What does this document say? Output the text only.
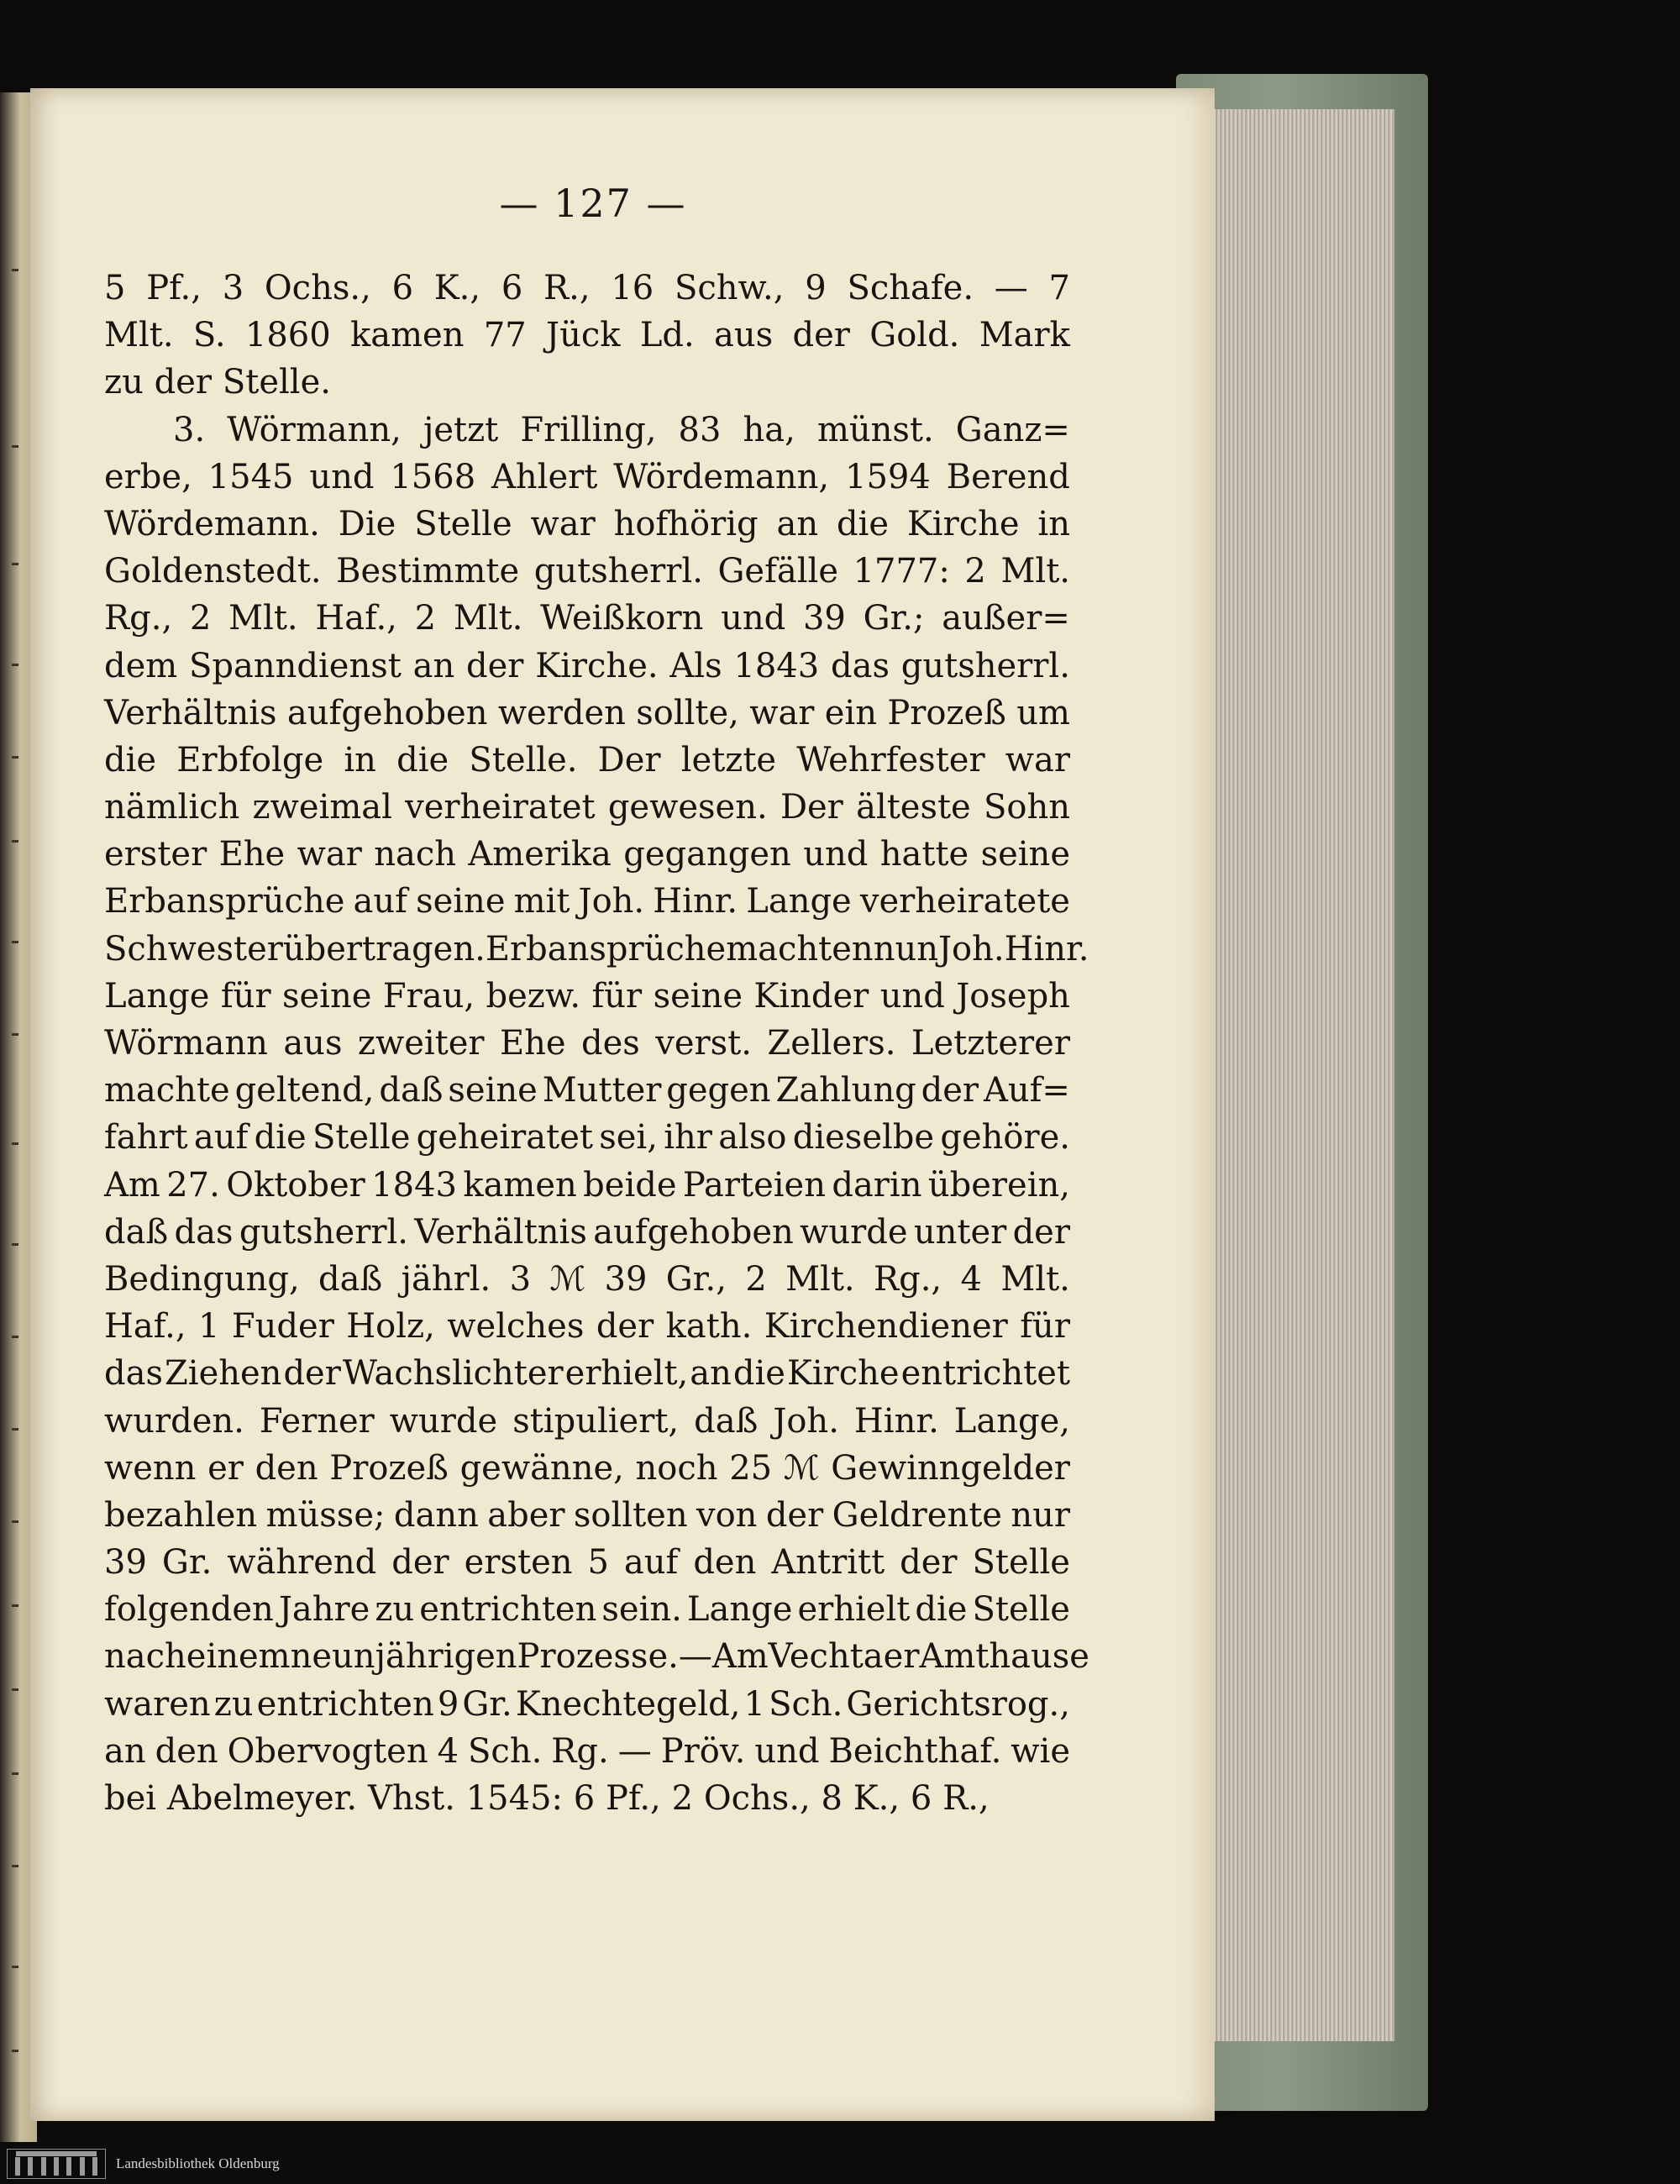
— 127 —
5 Pf., 3 Ochs., 6 K., 6 R., 16 Schw., 9 Schafe. — 7
Mlt. S. 1860 kamen 77 Jück Ld. aus der Gold. Mark
zu der Stelle.
3. Wörmann, jetzt Frilling, 83 ha, münst. Ganz=
erbe, 1545 und 1568 Ahlert Wördemann, 1594 Berend
Wördemann. Die Stelle war hofhörig an die Kirche in
Goldenstedt. Bestimmte gutsherrl. Gefälle 1777: 2 Mlt.
Rg., 2 Mlt. Haf., 2 Mlt. Weißkorn und 39 Gr.; außer=
dem Spanndienst an der Kirche. Als 1843 das gutsherrl.
Verhältnis aufgehoben werden sollte, war ein Prozeß um
die Erbfolge in die Stelle. Der letzte Wehrfester war
nämlich zweimal verheiratet gewesen. Der älteste Sohn
erster Ehe war nach Amerika gegangen und hatte seine
Erbansprüche auf seine mit Joh. Hinr. Lange verheiratete
Schwester übertragen. Erbansprüche machten nun Joh. Hinr.
Lange für seine Frau, bezw. für seine Kinder und Joseph
Wörmann aus zweiter Ehe des verst. Zellers. Letzterer
machte geltend, daß seine Mutter gegen Zahlung der Auf=
fahrt auf die Stelle geheiratet sei, ihr also dieselbe gehöre.
Am 27. Oktober 1843 kamen beide Parteien darin überein,
daß das gutsherrl. Verhältnis aufgehoben wurde unter der
Bedingung, daß jährl. 3 ℳ 39 Gr., 2 Mlt. Rg., 4 Mlt.
Haf., 1 Fuder Holz, welches der kath. Kirchendiener für
das Ziehen der Wachslichter erhielt, an die Kirche entrichtet
wurden. Ferner wurde stipuliert, daß Joh. Hinr. Lange,
wenn er den Prozeß gewänne, noch 25 ℳ Gewinngelder
bezahlen müsse; dann aber sollten von der Geldrente nur
39 Gr. während der ersten 5 auf den Antritt der Stelle
folgenden Jahre zu entrichten sein. Lange erhielt die Stelle
nach einem neunjährigen Prozesse. — Am Vechtaer Amthause
waren zu entrichten 9 Gr. Knechtegeld, 1 Sch. Gerichtsrog.,
an den Obervogten 4 Sch. Rg. — Pröv. und Beichthaf. wie
bei Abelmeyer. Vhst. 1545: 6 Pf., 2 Ochs., 8 K., 6 R.,
Landesbibliothek Oldenburg
